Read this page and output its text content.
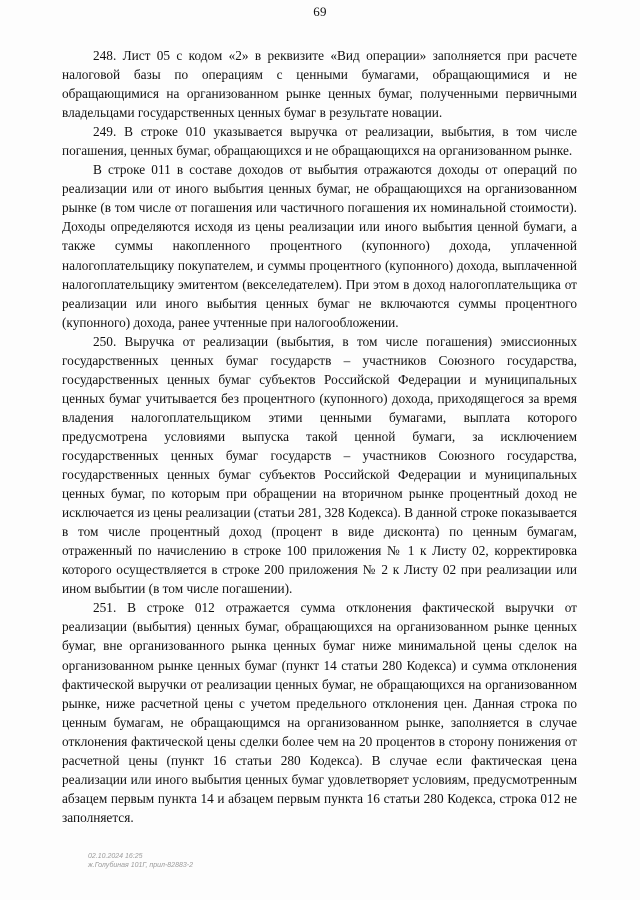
69

248. Лист 05 с кодом «2» в реквизите «Вид операции» заполняется при расчете налоговой базы по операциям с ценными бумагами, обращающимися и не обращающимися на организованном рынке ценных бумаг, полученными первичными владельцами государственных ценных бумаг в результате новации.

249. В строке 010 указывается выручка от реализации, выбытия, в том числе погашения, ценных бумаг, обращающихся и не обращающихся на организованном рынке.

В строке 011 в составе доходов от выбытия отражаются доходы от операций по реализации или от иного выбытия ценных бумаг, не обращающихся на организованном рынке (в том числе от погашения или частичного погашения их номинальной стоимости). Доходы определяются исходя из цены реализации или иного выбытия ценной бумаги, а также суммы накопленного процентного (купонного) дохода, уплаченной налогоплательщику покупателем, и суммы процентного (купонного) дохода, выплаченной налогоплательщику эмитентом (векселедателем). При этом в доход налогоплательщика от реализации или иного выбытия ценных бумаг не включаются суммы процентного (купонного) дохода, ранее учтенные при налогообложении.

250. Выручка от реализации (выбытия, в том числе погашения) эмиссионных государственных ценных бумаг государств – участников Союзного государства, государственных ценных бумаг субъектов Российской Федерации и муниципальных ценных бумаг учитывается без процентного (купонного) дохода, приходящегося за время владения налогоплательщиком этими ценными бумагами, выплата которого предусмотрена условиями выпуска такой ценной бумаги, за исключением государственных ценных бумаг государств – участников Союзного государства, государственных ценных бумаг субъектов Российской Федерации и муниципальных ценных бумаг, по которым при обращении на вторичном рынке процентный доход не исключается из цены реализации (статьи 281, 328 Кодекса). В данной строке показывается в том числе процентный доход (процент в виде дисконта) по ценным бумагам, отраженный по начислению в строке 100 приложения № 1 к Листу 02, корректировка которого осуществляется в строке 200 приложения № 2 к Листу 02 при реализации или ином выбытии (в том числе погашении).

251. В строке 012 отражается сумма отклонения фактической выручки от реализации (выбытия) ценных бумаг, обращающихся на организованном рынке ценных бумаг, вне организованного рынка ценных бумаг ниже минимальной цены сделок на организованном рынке ценных бумаг (пункт 14 статьи 280 Кодекса) и сумма отклонения фактической выручки от реализации ценных бумаг, не обращающихся на организованном рынке, ниже расчетной цены с учетом предельного отклонения цен. Данная строка по ценным бумагам, не обращающимся на организованном рынке, заполняется в случае отклонения фактической цены сделки более чем на 20 процентов в сторону понижения от расчетной цены (пункт 16 статьи 280 Кодекса). В случае если фактическая цена реализации или иного выбытия ценных бумаг удовлетворяет условиям, предусмотренным абзацем первым пункта 14 и абзацем первым пункта 16 статьи 280 Кодекса, строка 012 не заполняется.

02.10.2024 16:25
ж.Голубиная 101Г, прил-82883-2
